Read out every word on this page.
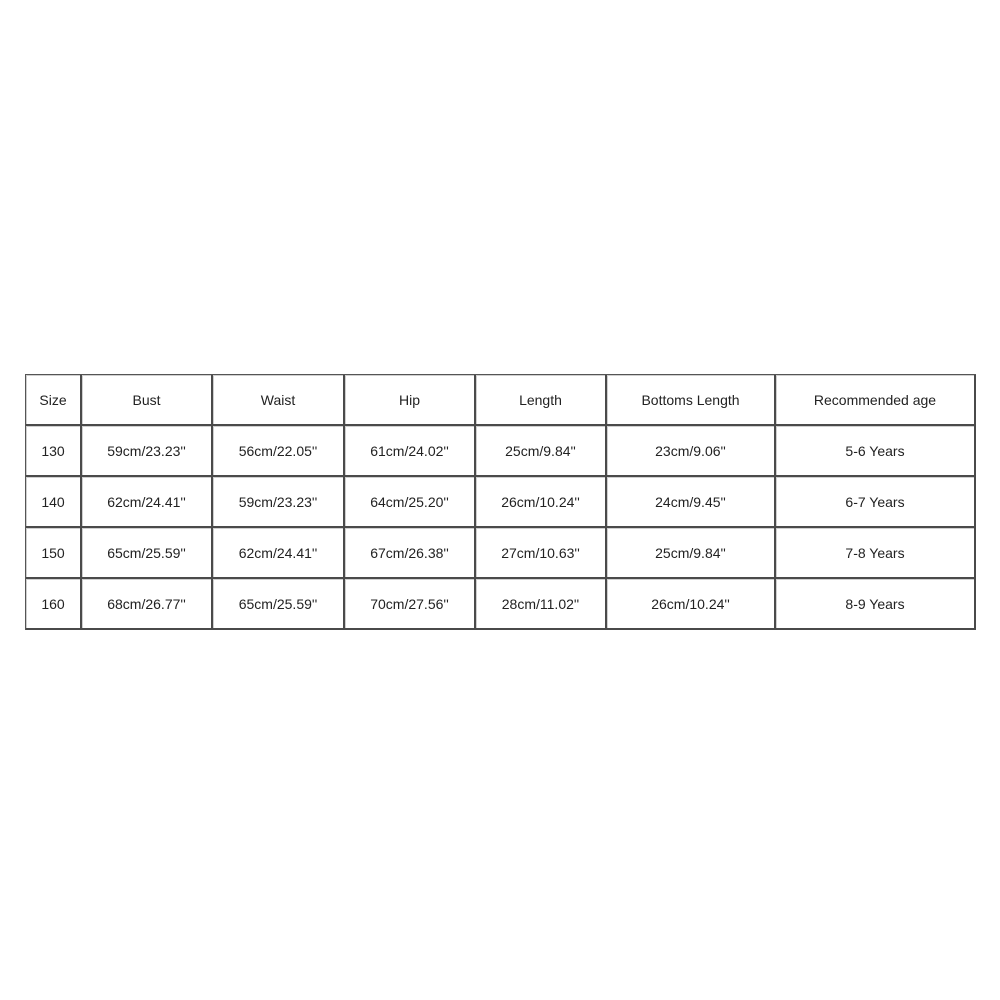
Size	Bust	Waist	Hip	Length	Bottoms Length	Recommended age
130	59cm/23.23''	56cm/22.05''	61cm/24.02''	25cm/9.84''	23cm/9.06''	5-6 Years
140	62cm/24.41''	59cm/23.23''	64cm/25.20''	26cm/10.24''	24cm/9.45''	6-7 Years
150	65cm/25.59''	62cm/24.41''	67cm/26.38''	27cm/10.63''	25cm/9.84''	7-8 Years
160	68cm/26.77''	65cm/25.59''	70cm/27.56''	28cm/11.02''	26cm/10.24''	8-9 Years
